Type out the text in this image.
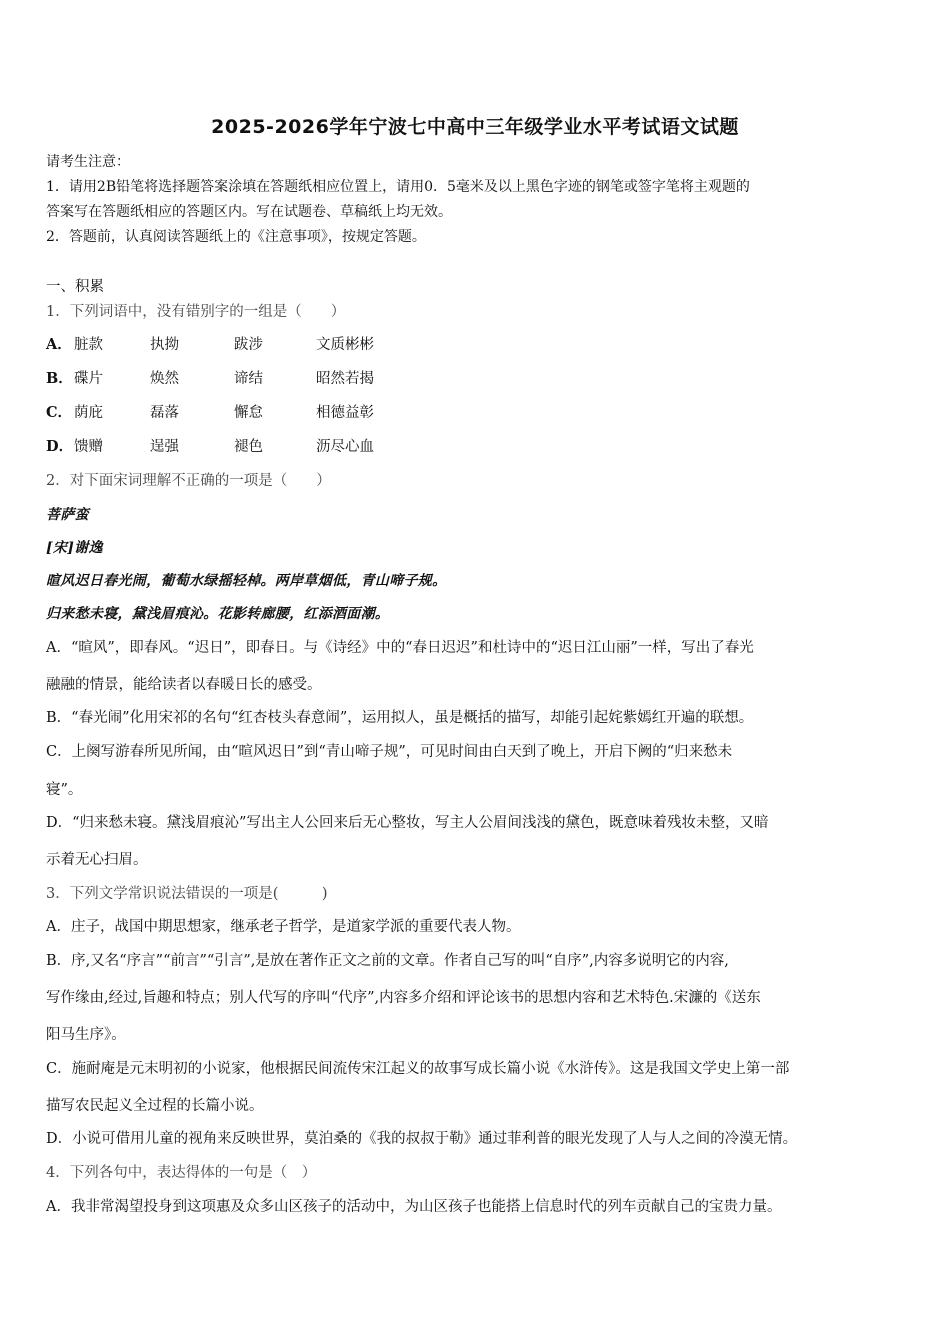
2025-2026学年宁波七中高中三年级学业水平考试语文试题
请考生注意：
1．请用2B铅笔将选择题答案涂填在答题纸相应位置上，请用0．5毫米及以上黑色字迹的钢笔或签字笔将主观题的
答案写在答题纸相应的答题区内。写在试题卷、草稿纸上均无效。
2．答题前，认真阅读答题纸上的《注意事项》，按规定答题。
一、积累
1．下列词语中，没有错别字的一组是（　　）
A． 脏款	执拗	跋涉	文质彬彬
B．碟片	焕然	谛结	昭然若揭
C． 荫庇	磊落	懈怠	相德益彰
D．馈赠	逞强	褪色	沥尽心血
2．对下面宋词理解不正确的一项是（　　）
菩萨蛮
[宋]谢逸
暄风迟日春光闹，葡萄水绿摇轻棹。两岸草烟低，青山啼子规。
归来愁未寝，黛浅眉痕沁。花影转廊腰，红添酒面潮。
A．“暄风”，即春风。“迟日”，即春日。与《诗经》中的“春日迟迟”和杜诗中的“迟日江山丽”一样，写出了春光
融融的情景，能给读者以春暖日长的感受。
B．“春光闹”化用宋祁的名句“红杏枝头春意闹”，运用拟人，虽是概括的描写，却能引起姹紫嫣红开遍的联想。
C．上阕写游春所见所闻，由“暄风迟日”到“青山啼子规”，可见时间由白天到了晚上，开启下阙的“归来愁未
寝”。
D．“归来愁未寝。黛浅眉痕沁”写出主人公回来后无心整妆，写主人公眉间浅浅的黛色，既意味着残妆未整，又暗
示着无心扫眉。
3．下列文学常识说法错误的一项是(　　　)
A．庄子，战国中期思想家，继承老子哲学，是道家学派的重要代表人物。
B．序,又名“序言”“前言”“引言”,是放在著作正文之前的文章。作者自己写的叫“自序”,内容多说明它的内容,
写作缘由,经过,旨趣和特点；别人代写的序叫“代序”,内容多介绍和评论该书的思想内容和艺术特色.宋濂的《送东
阳马生序》。
C．施耐庵是元末明初的小说家，他根据民间流传宋江起义的故事写成长篇小说《水浒传》。这是我国文学史上第一部
描写农民起义全过程的长篇小说。
D．小说可借用儿童的视角来反映世界，莫泊桑的《我的叔叔于勒》通过菲利普的眼光发现了人与人之间的冷漠无情。
4．下列各句中，表达得体的一句是（　）
A．我非常渴望投身到这项惠及众多山区孩子的活动中，为山区孩子也能搭上信息时代的列车贡献自己的宝贵力量。
